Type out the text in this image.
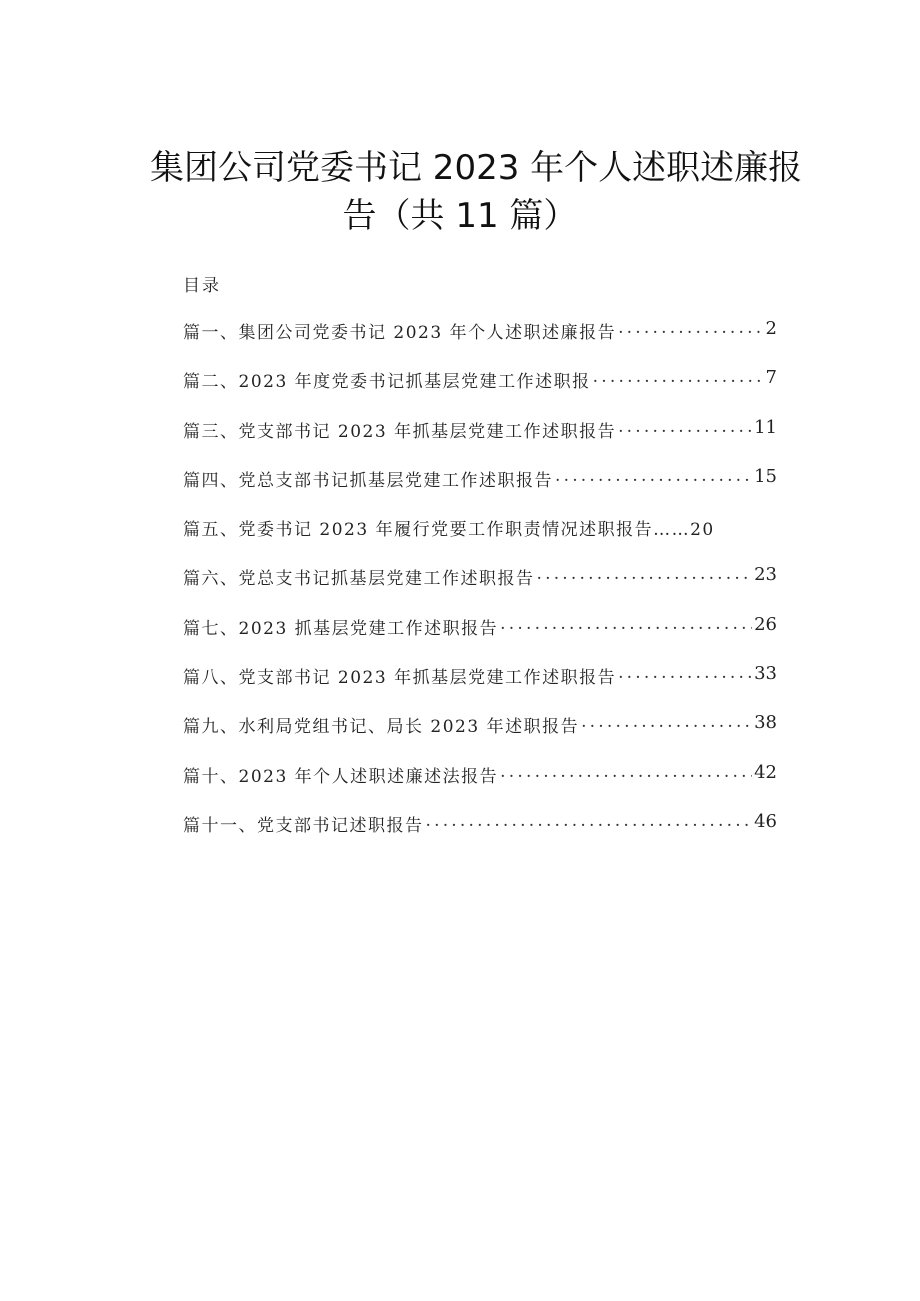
集团公司党委书记 2023 年个人述职述廉报
告（共 11 篇）
目录
篇一、集团公司党委书记 2023 年个人述职述廉报告 .....	2
篇二、2023 年度党委书记抓基层党建工作述职报 .....	7
篇三、党支部书记 2023 年抓基层党建工作述职报告 .....	11
篇四、党总支部书记抓基层党建工作述职报告 .....	15
篇五、党委书记 2023 年履行党要工作职责情况述职报告……20
篇六、党总支书记抓基层党建工作述职报告 .....	23
篇七、2023 抓基层党建工作述职报告 .....	26
篇八、党支部书记 2023 年抓基层党建工作述职报告 .....	33
篇九、水利局党组书记、局长 2023 年述职报告 .....	38
篇十、2023 年个人述职述廉述法报告 .....	42
篇十一、党支部书记述职报告 .....	46
